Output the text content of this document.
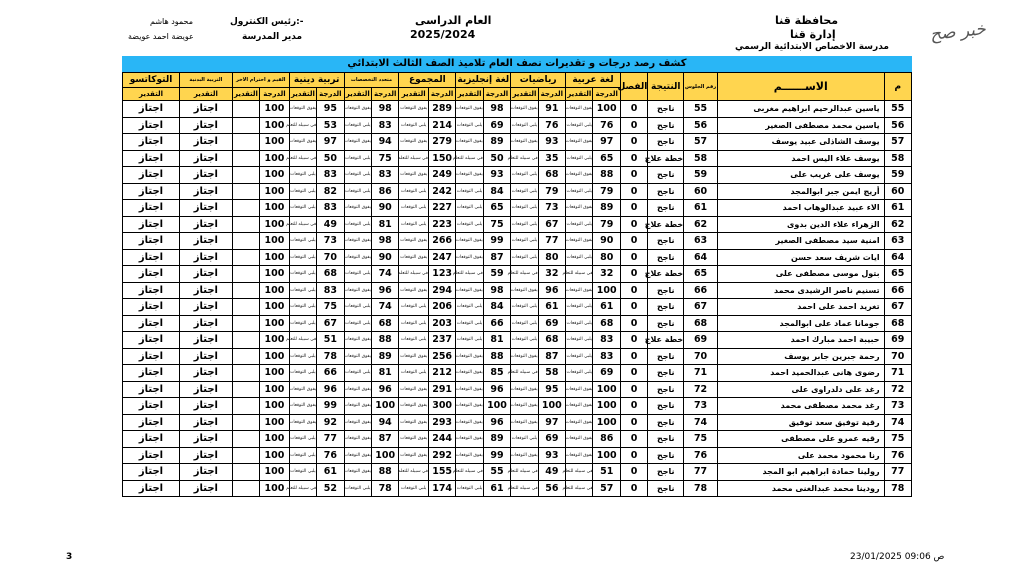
خبر صح
محافظة قنا
إدارة قنا
مدرسة الاخصاص الابتدائية الرسمي
العام الدراسى
2025/2024
رئيس الكنترول:-
مدير المدرسة
محمود هاشم
عويضة احمد عويضة
كشف رصد درجات و تقديرات نصف العام تلاميذ الصف الثالث الابتدائي
م	الاســــــم	رقم الجلوس	النتيجة	الفصل	لغة عربية		رياضيات		لغة إنجليزية		المجموع		متعدد التخصصات		تربية دينية		القيم و احترام الاخر		التربية البدنية	التوكاتسو
					الدرجة	التقدير	الدرجة	التقدير	الدرجة	التقدير	الدرجة	التقدير	الدرجة	التقدير	الدرجة	التقدير	الدرجة	التقدير	التقدير	التقدير
55	ياسين عبدالرحيم ابراهيم مغربى	55	ناجح	0	100	يفوق التوقعات	91	يفوق التوقعات	98	يفوق التوقعات	289	يفوق التوقعات	98	يفوق التوقعات	95	يفوق التوقعات	100		اجتاز	اجتاز
56	ياسين محمد مصطفى الصغير	56	ناجح	0	76	يلبي التوقعات	76	يلبي التوقعات	69	يلبي التوقعات	214	يلبي التوقعات	83	يلبي التوقعات	53	في سبيله للتعلم	100		اجتاز	اجتاز
57	يوسف الشاذلى عبيد يوسف	57	ناجح	0	97	يفوق التوقعات	93	يفوق التوقعات	89	يفوق التوقعات	279	يفوق التوقعات	94	يفوق التوقعات	97	يفوق التوقعات	100		اجتاز	اجتاز
58	يوسف علاء اليس احمد	58	خطة علاج	0	65	يلبي التوقعات	35	في سبيله للتعلم	50	في سبيله للتعلم	150	في سبيله للتعلم	75	يلبي التوقعات	50	في سبيله للتعلم	100		اجتاز	اجتاز
59	يوسف على غريب على	59	ناجح	0	88	يفوق التوقعات	68	يلبي التوقعات	93	يفوق التوقعات	249	يفوق التوقعات	83	يلبي التوقعات	83	يلبي التوقعات	100		اجتاز	اجتاز
60	أريج ايمن جبر ابوالمجد	60	ناجح	0	79	يلبي التوقعات	79	يلبي التوقعات	84	يلبي التوقعات	242	يلبي التوقعات	86	يلبي التوقعات	82	يلبي التوقعات	100		اجتاز	اجتاز
61	الاء عبيد عبدالوهاب احمد	61	ناجح	0	89	يفوق التوقعات	73	يلبي التوقعات	65	يلبي التوقعات	227	يلبي التوقعات	90	يفوق التوقعات	83	يلبي التوقعات	100		اجتاز	اجتاز
62	الزهراء علاء الدين بدوى	62	خطة علاج	0	79	يلبي التوقعات	67	يلبي التوقعات	75	يلبي التوقعات	223	يلبي التوقعات	81	يلبي التوقعات	49	في سبيله للتعلم	100		اجتاز	اجتاز
63	امنية سيد مصطفى الصغير	63	ناجح	0	90	يفوق التوقعات	77	يلبي التوقعات	99	يفوق التوقعات	266	يفوق التوقعات	98	يفوق التوقعات	73	يلبي التوقعات	100		اجتاز	اجتاز
64	ايات شريف سعد حسن	64	ناجح	0	80	يلبي التوقعات	80	يلبي التوقعات	87	يفوق التوقعات	247	يفوق التوقعات	90	يفوق التوقعات	70	يلبي التوقعات	100		اجتاز	اجتاز
65	بتول موسى مصطفى على	65	خطة علاج	0	32	في سبيله للتعلم	32	في سبيله للتعلم	59	في سبيله للتعلم	123	في سبيله للتعلم	74	يلبي التوقعات	68	يلبي التوقعات	100		اجتاز	اجتاز
66	تسنيم ناصر الرشيدى محمد	66	ناجح	0	100	يفوق التوقعات	96	يفوق التوقعات	98	يفوق التوقعات	294	يفوق التوقعات	96	يفوق التوقعات	83	يلبي التوقعات	100		اجتاز	اجتاز
67	تغريد احمد على احمد	67	ناجح	0	61	يلبي التوقعات	61	يلبي التوقعات	84	يلبي التوقعات	206	يلبي التوقعات	74	يلبي التوقعات	75	يلبي التوقعات	100		اجتاز	اجتاز
68	جومانا عماد على ابوالمجد	68	ناجح	0	68	يلبي التوقعات	69	يلبي التوقعات	66	يلبي التوقعات	203	يلبي التوقعات	68	يلبي التوقعات	67	يلبي التوقعات	100		اجتاز	اجتاز
69	حبيبة احمد مبارك احمد	69	خطة علاج	0	83	يلبي التوقعات	68	يلبي التوقعات	81	يلبي التوقعات	237	يلبي التوقعات	88	يفوق التوقعات	51	في سبيله للتعلم	100		اجتاز	اجتاز
70	رحمة جبرين جابر يوسف	70	ناجح	0	83	يلبي التوقعات	87	يفوق التوقعات	88	يفوق التوقعات	256	يفوق التوقعات	89	يفوق التوقعات	78	يلبي التوقعات	100		اجتاز	اجتاز
71	رضوى هانى عبدالحميد احمد	71	ناجح	0	69	يلبي التوقعات	58	في سبيله للتعلم	85	يفوق التوقعات	212	يلبي التوقعات	81	يلبي التوقعات	66	يلبي التوقعات	100		اجتاز	اجتاز
72	رغد على دلدراوى على	72	ناجح	0	100	يفوق التوقعات	95	يفوق التوقعات	96	يفوق التوقعات	291	يفوق التوقعات	96	يفوق التوقعات	96	يفوق التوقعات	100		اجتاز	اجتاز
73	رغد محمد مصطفى محمد	73	ناجح	0	100	يفوق التوقعات	100	يفوق التوقعات	100	يفوق التوقعات	300	يفوق التوقعات	100	يفوق التوقعات	99	يفوق التوقعات	100		اجتاز	اجتاز
74	رقية توفيق سعد توفيق	74	ناجح	0	100	يفوق التوقعات	97	يفوق التوقعات	96	يفوق التوقعات	293	يفوق التوقعات	94	يفوق التوقعات	92	يفوق التوقعات	100		اجتاز	اجتاز
75	رقيه عمرو على مصطفى	75	ناجح	0	86	يفوق التوقعات	69	يلبي التوقعات	89	يفوق التوقعات	244	يفوق التوقعات	87	يفوق التوقعات	77	يلبي التوقعات	100		اجتاز	اجتاز
76	رنا محمود محمد على	76	ناجح	0	100	يفوق التوقعات	93	يفوق التوقعات	99	يفوق التوقعات	292	يفوق التوقعات	100	يفوق التوقعات	76	يلبي التوقعات	100		اجتاز	اجتاز
77	رولينا حمادة ابراهيم ابو المجد	77	ناجح	0	51	في سبيله للتعلم	49	في سبيله للتعلم	55	في سبيله للتعلم	155	في سبيله للتعلم	88	يفوق التوقعات	61	يلبي التوقعات	100		اجتاز	اجتاز
78	رودينا محمد عبدالغنى محمد	78	ناجح	0	57	في سبيله للتعلم	56	في سبيله للتعلم	61	يلبي التوقعات	174	يلبي التوقعات	78	يلبي التوقعات	52	في سبيله للتعلم	100		اجتاز	اجتاز
3	23/01/2025 09:06 ص
